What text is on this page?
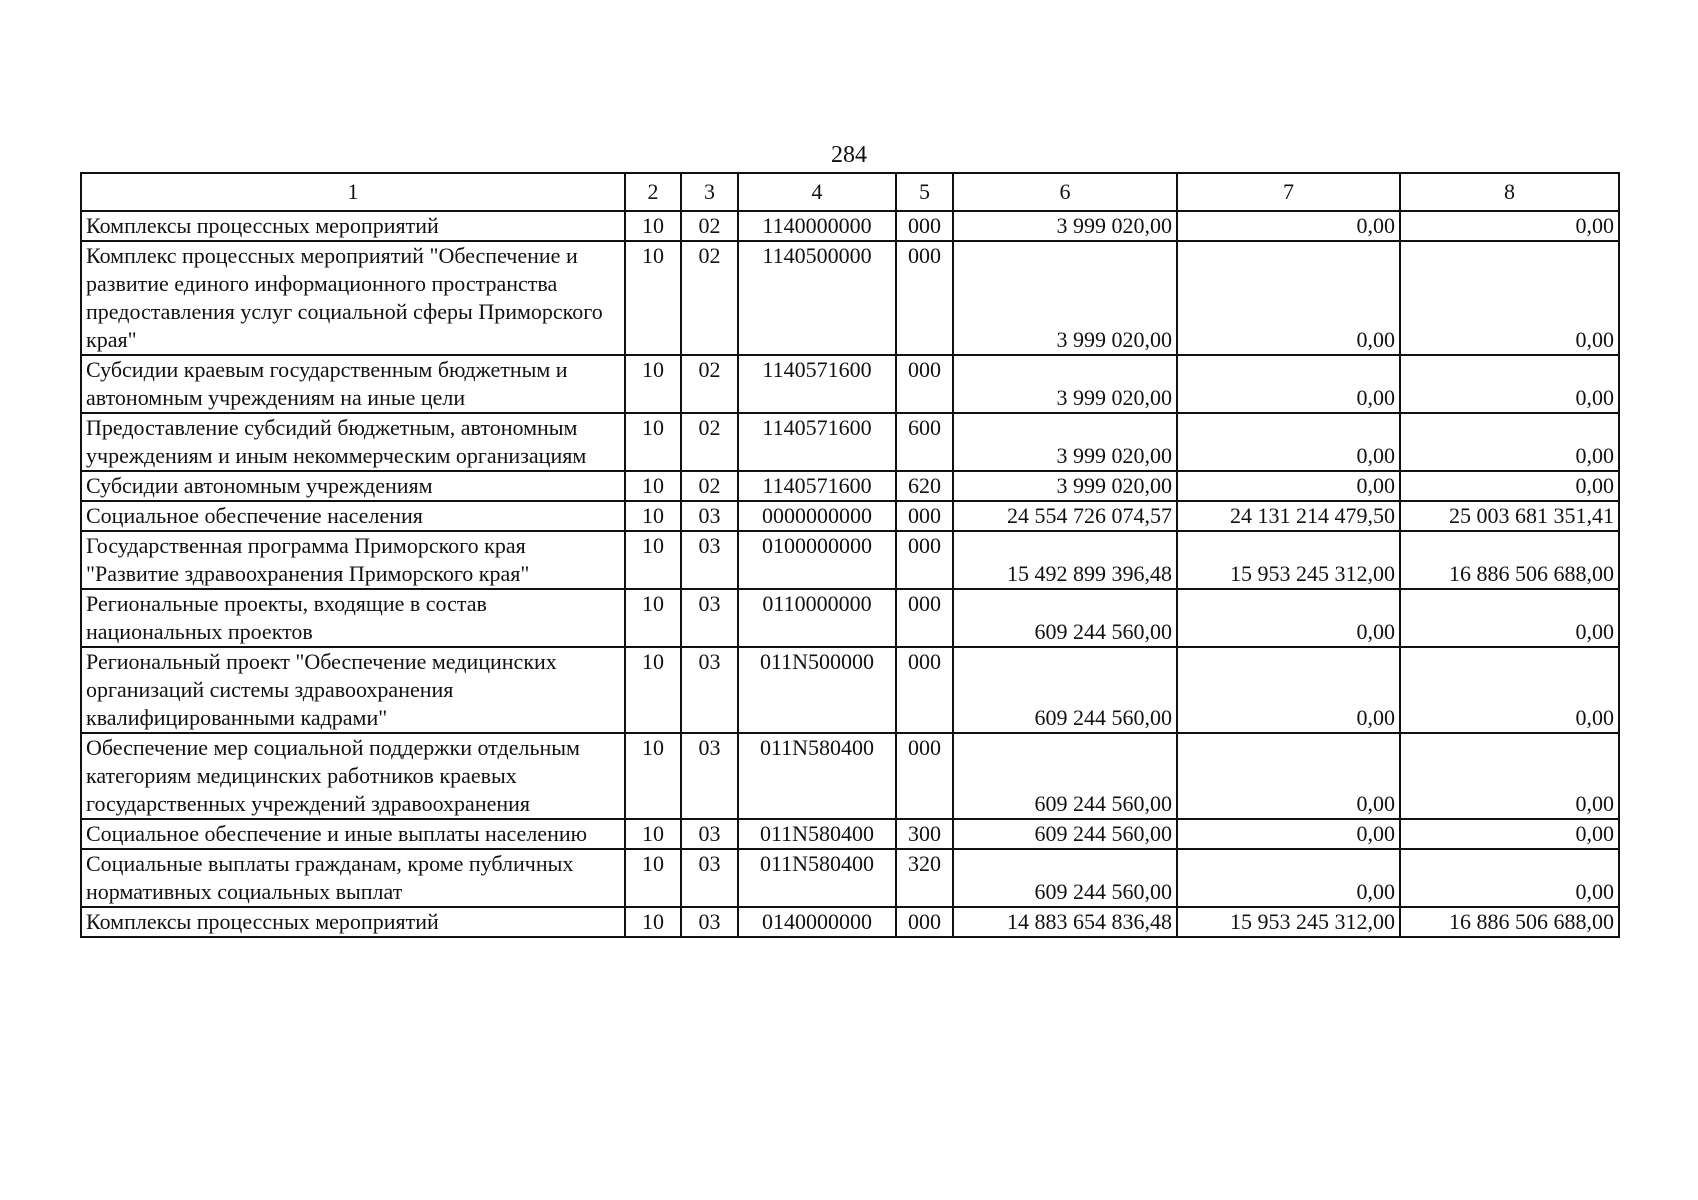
284
1	2	3	4	5	6	7	8
Комплексы процессных мероприятий	10	02	1140000000	000	3 999 020,00	0,00	0,00
Комплекс процессных мероприятий "Обеспечение и развитие единого информационного пространства предоставления услуг социальной сферы Приморского края"	10	02	1140500000	000	3 999 020,00	0,00	0,00
Субсидии краевым государственным бюджетным и автономным учреждениям на иные цели	10	02	1140571600	000	3 999 020,00	0,00	0,00
Предоставление субсидий бюджетным, автономным учреждениям и иным некоммерческим организациям	10	02	1140571600	600	3 999 020,00	0,00	0,00
Субсидии автономным учреждениям	10	02	1140571600	620	3 999 020,00	0,00	0,00
Социальное обеспечение населения	10	03	0000000000	000	24 554 726 074,57	24 131 214 479,50	25 003 681 351,41
Государственная программа Приморского края "Развитие здравоохранения Приморского края"	10	03	0100000000	000	15 492 899 396,48	15 953 245 312,00	16 886 506 688,00
Региональные проекты, входящие в состав национальных проектов	10	03	0110000000	000	609 244 560,00	0,00	0,00
Региональный проект "Обеспечение медицинских организаций системы здравоохранения квалифицированными кадрами"	10	03	011N500000	000	609 244 560,00	0,00	0,00
Обеспечение мер социальной поддержки отдельным категориям медицинских работников краевых государственных учреждений здравоохранения	10	03	011N580400	000	609 244 560,00	0,00	0,00
Социальное обеспечение и иные выплаты населению	10	03	011N580400	300	609 244 560,00	0,00	0,00
Социальные выплаты гражданам, кроме публичных нормативных социальных выплат	10	03	011N580400	320	609 244 560,00	0,00	0,00
Комплексы процессных мероприятий	10	03	0140000000	000	14 883 654 836,48	15 953 245 312,00	16 886 506 688,00
